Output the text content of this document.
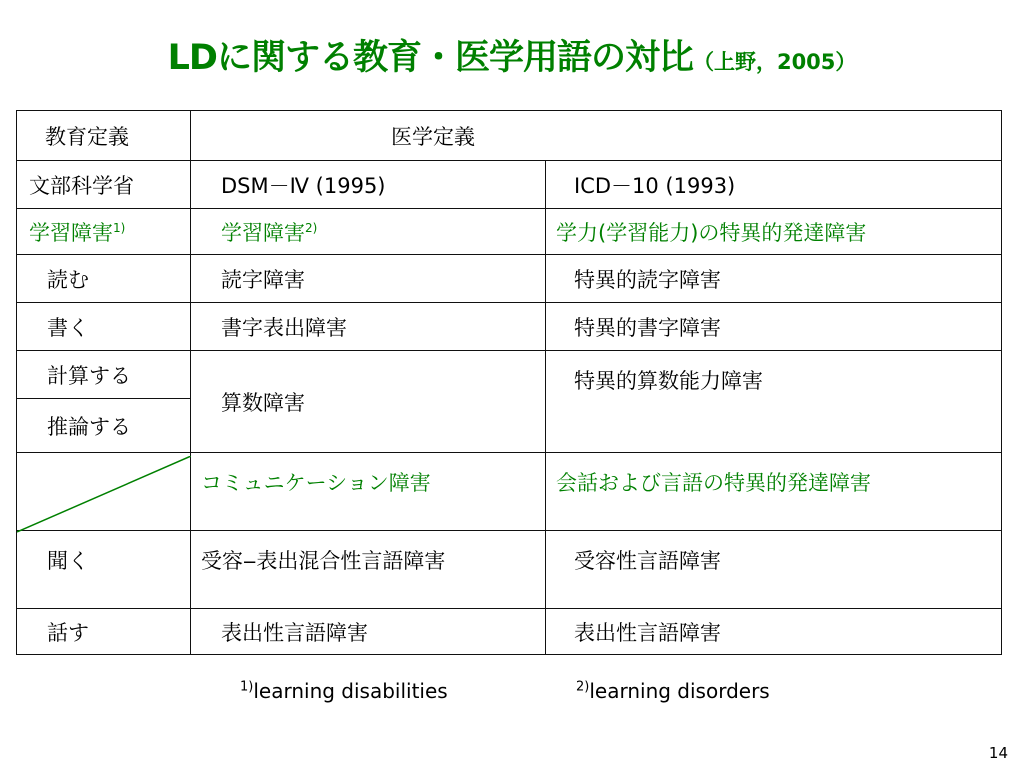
LDに関する教育・医学用語の対比（上野，2005）
教育定義	医学定義	
文部科学省	DSM－Ⅳ (1995)	ICD－10 (1993)
学習障害$^{1)}$	学習障害$^{2)}$	学力(学習能力)の特異的発達障害
読む	読字障害	特異的読字障害
書く	書字表出障害	特異的書字障害
計算する	算数障害	特異的算数能力障害
推論する		
	コミュニケーション障害	会話および言語の特異的発達障害
聞く	受容‒表出混合性言語障害	受容性言語障害
話す	表出性言語障害	表出性言語障害
$^{1)}$learning disabilities	$^{2)}$learning disorders
14
